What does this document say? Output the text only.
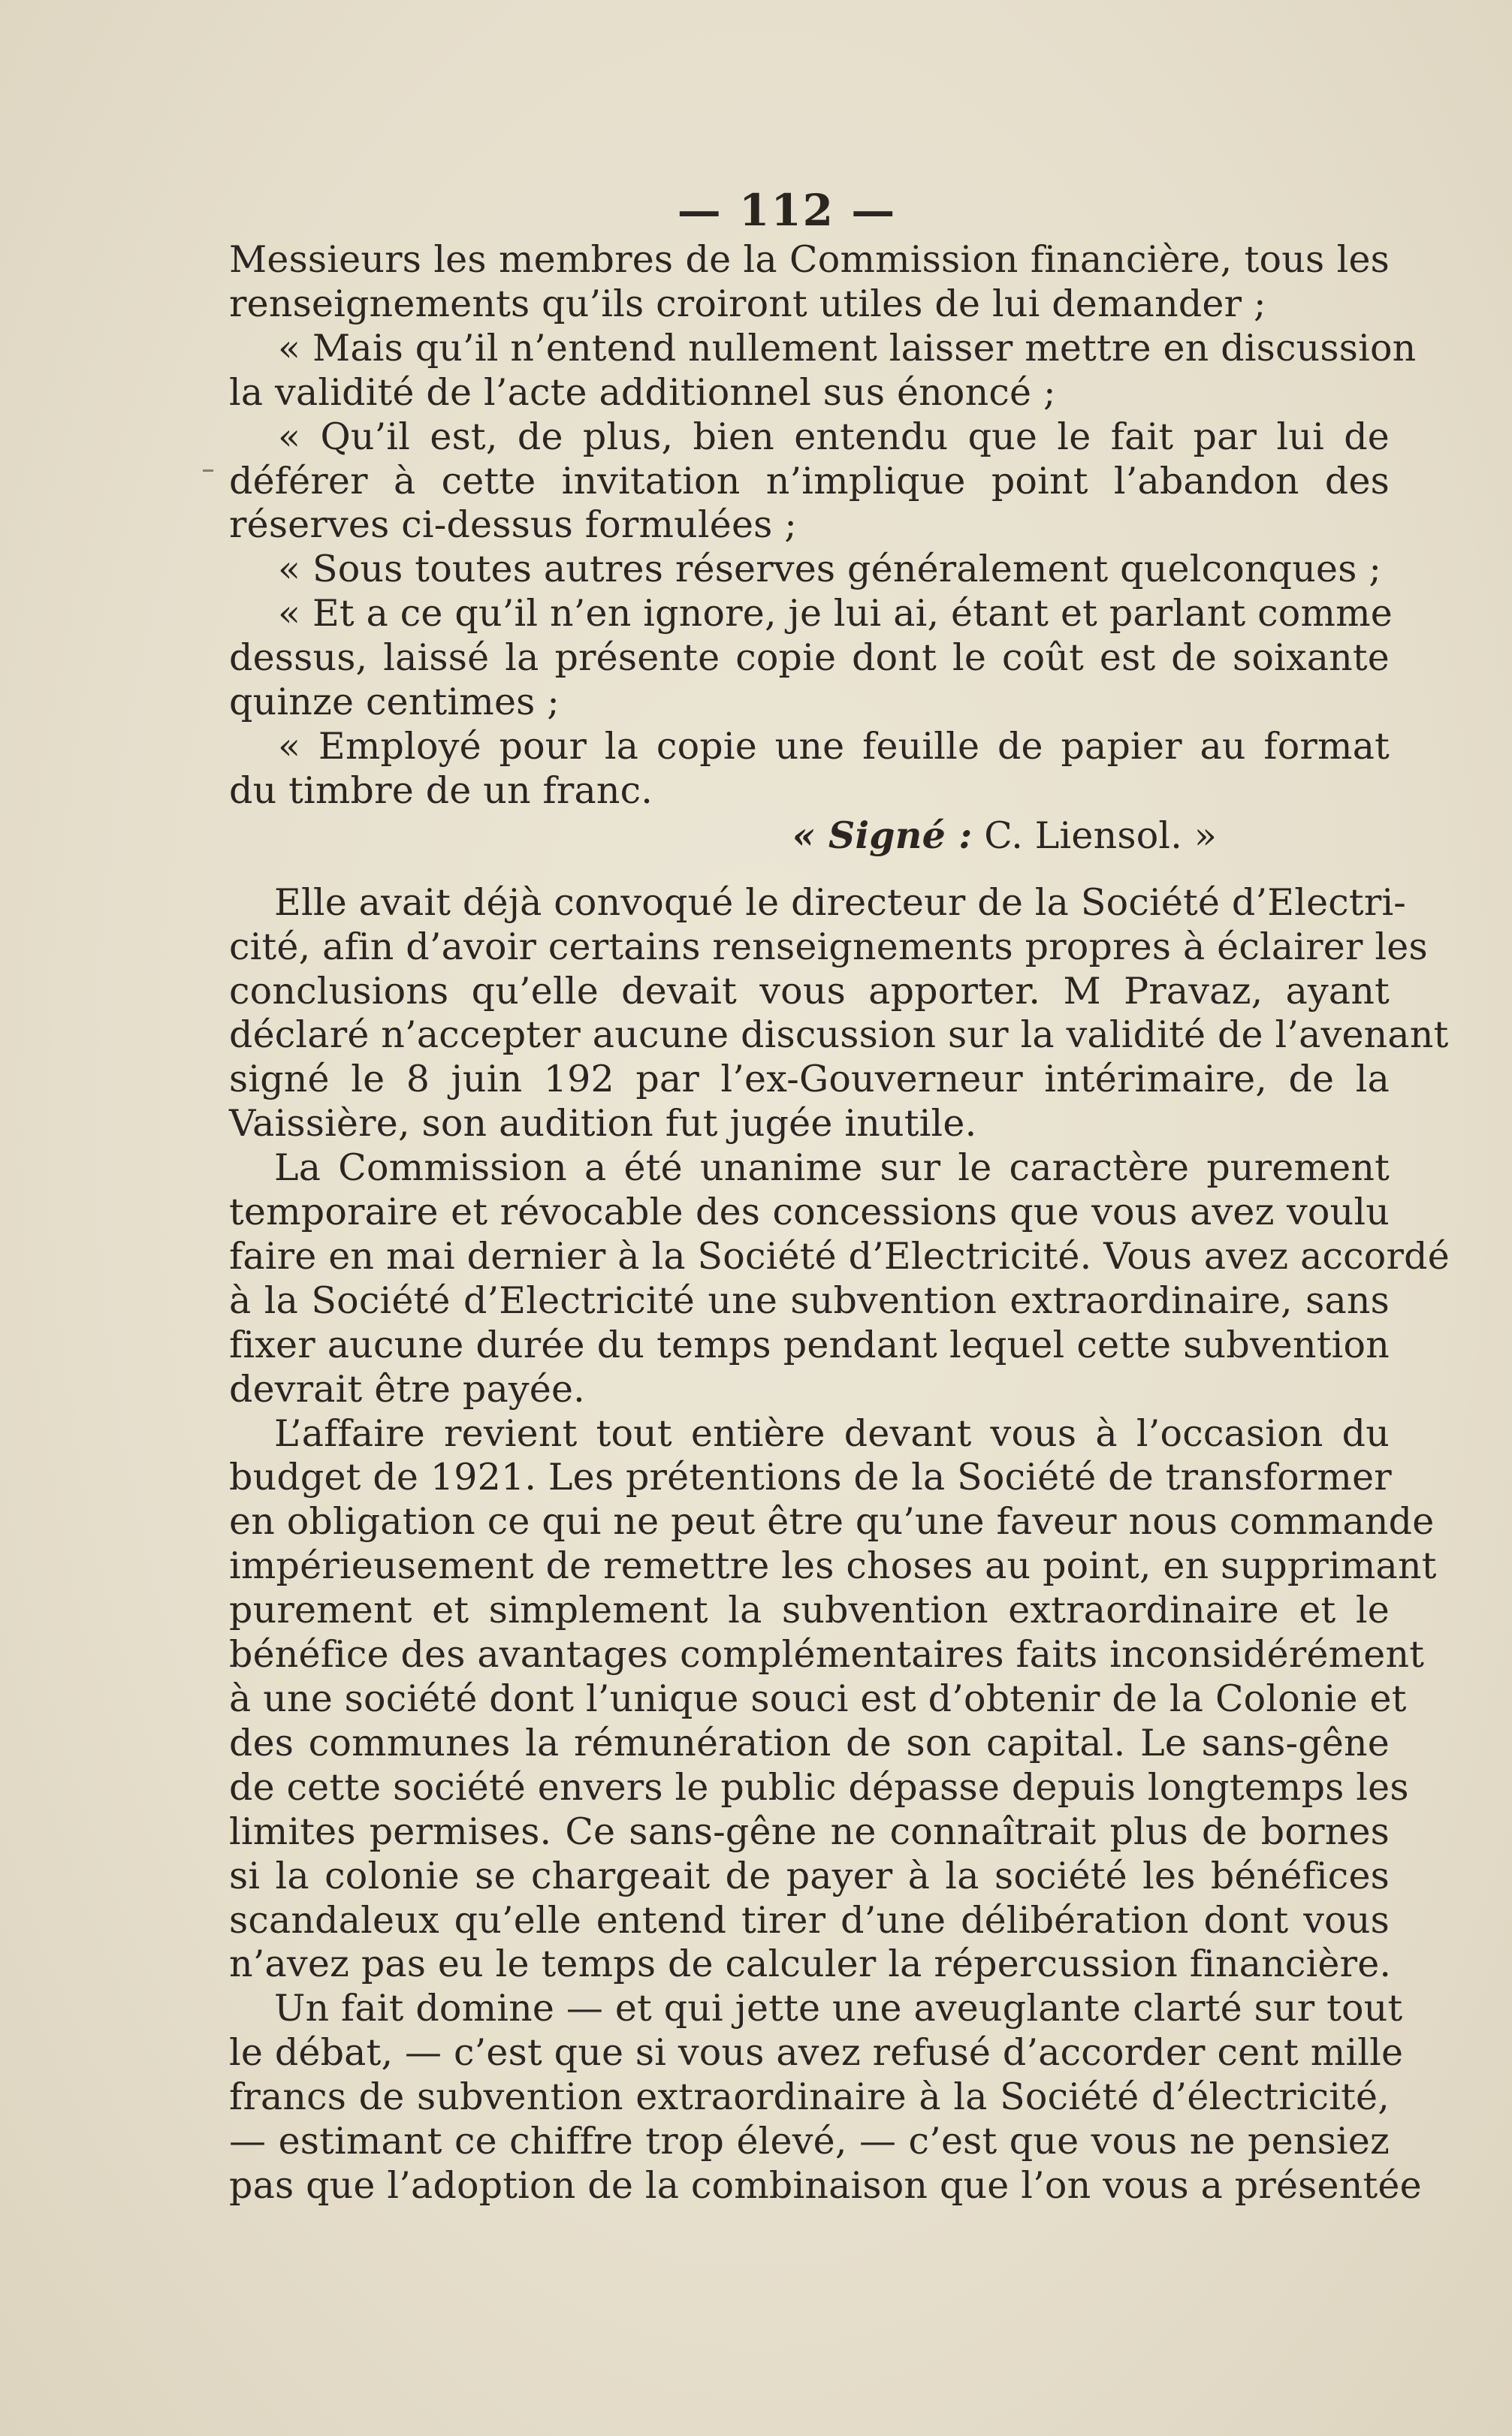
— 112 —
Messieurs les membres de la Commission financière, tous les
renseignements qu’ils croiront utiles de lui demander ;
« Mais qu’il n’entend nullement laisser mettre en discussion
la validité de l’acte additionnel sus énoncé ;
« Qu’il est, de plus, bien entendu que le fait par lui de
déférer à cette invitation n’implique point l’abandon des
réserves ci-dessus formulées ;
« Sous toutes autres réserves généralement quelconques ;
« Et a ce qu’il n’en ignore, je lui ai, étant et parlant comme
dessus, laissé la présente copie dont le coût est de soixante
quinze centimes ;
« Employé pour la copie une feuille de papier au format
du timbre de un franc.
« Signé : C. Liensol. »
Elle avait déjà convoqué le directeur de la Société d’Electri-
cité, afin d’avoir certains renseignements propres à éclairer les
conclusions qu’elle devait vous apporter. M Pravaz, ayant
déclaré n’accepter aucune discussion sur la validité de l’avenant
signé le 8 juin 192 par l’ex-Gouverneur intérimaire, de la
Vaissière, son audition fut jugée inutile.
La Commission a été unanime sur le caractère purement
temporaire et révocable des concessions que vous avez voulu
faire en mai dernier à la Société d’Electricité. Vous avez accordé
à la Société d’Electricité une subvention extraordinaire, sans
fixer aucune durée du temps pendant lequel cette subvention
devrait être payée.
L’affaire revient tout entière devant vous à l’occasion du
budget de 1921. Les prétentions de la Société de transformer
en obligation ce qui ne peut être qu’une faveur nous commande
impérieusement de remettre les choses au point, en supprimant
purement et simplement la subvention extraordinaire et le
bénéfice des avantages complémentaires faits inconsidérément
à une société dont l’unique souci est d’obtenir de la Colonie et
des communes la rémunération de son capital. Le sans-gêne
de cette société envers le public dépasse depuis longtemps les
limites permises. Ce sans-gêne ne connaîtrait plus de bornes
si la colonie se chargeait de payer à la société les bénéfices
scandaleux qu’elle entend tirer d’une délibération dont vous
n’avez pas eu le temps de calculer la répercussion financière.
Un fait domine — et qui jette une aveuglante clarté sur tout
le débat, — c’est que si vous avez refusé d’accorder cent mille
francs de subvention extraordinaire à la Société d’électricité,
— estimant ce chiffre trop élevé, — c’est que vous ne pensiez
pas que l’adoption de la combinaison que l’on vous a présentée
